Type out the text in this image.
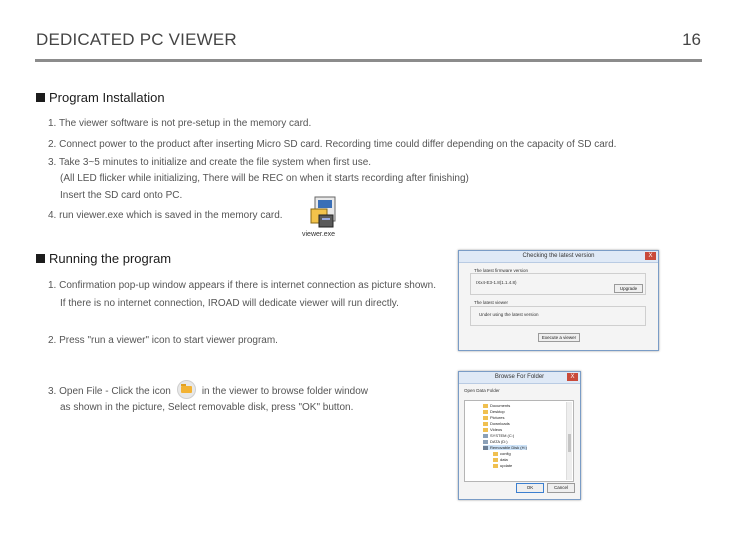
DEDICATED PC VIEWER	16
Program Installation
1. The viewer software is not pre-setup in the memory card.
2. Connect power to the product after inserting Micro SD card. Recording time could differ depending on the capacity of SD card.
3. Take 3~5 minutes to initialize and create the file system when first use.
(All LED flicker while initializing, There will be REC on when it starts recording after finishing)
Insert the SD card onto PC.
4. run viewer.exe which is saved in the memory card.
viewer.exe
Running the program
1. Confirmation pop-up window appears if there is internet connection as picture shown.
If there is no internet connection, IROAD will dedicate viewer will run directly.
2. Press "run a viewer" icon to start viewer program.
3. Open File - Click the icon	in the viewer to browse folder window
as shown in the picture, Select removable disk, press "OK" button.
Checking the latest version	X
The latest firmware version
IXx4-E3-1.8(1.1.4.8)
Upgrade
The latest viewer
Under using the latest version
Execute a viewer
Browse For Folder	X
Open Data Folder
Documents
Desktop
Pictures
Downloads
Videos
SYSTEM (C:)
DATA (D:)
Removable Disk (H:)
config
data
update
OK	Cancel
